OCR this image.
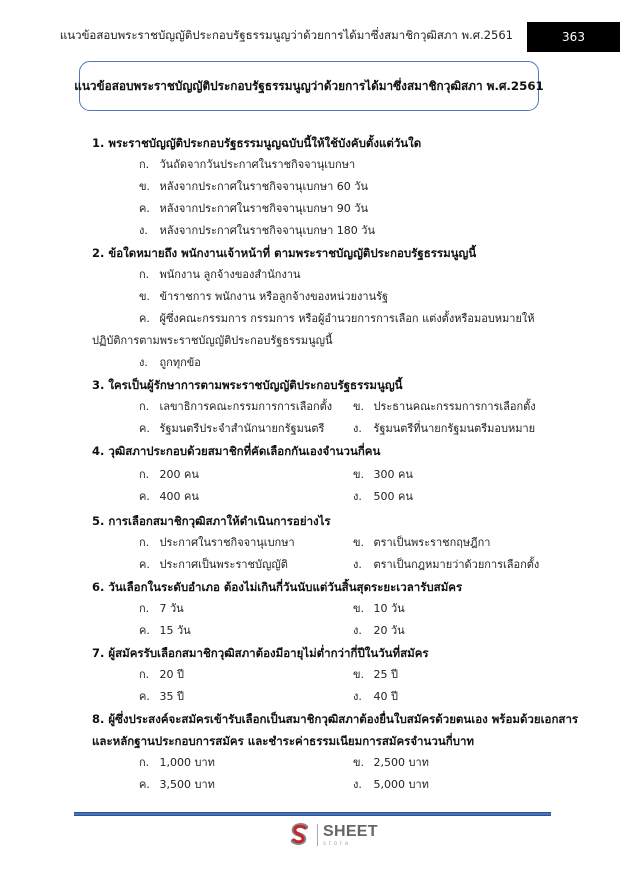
แนวข้อสอบพระราชบัญญัติประกอบรัฐธรรมนูญว่าด้วยการได้มาซึ่งสมาชิกวุฒิสภา พ.ศ.2561	363
แนวข้อสอบพระราชบัญญัติประกอบรัฐธรรมนูญว่าด้วยการได้มาซึ่งสมาชิกวุฒิสภา พ.ศ.2561
1. พระราชบัญญัติประกอบรัฐธรรมนูญฉบับนี้ให้ใช้บังคับตั้งแต่วันใด
ก. วันถัดจากวันประกาศในราชกิจจานุเบกษา
ข. หลังจากประกาศในราชกิจจานุเบกษา 60 วัน
ค. หลังจากประกาศในราชกิจจานุเบกษา 90 วัน
ง. หลังจากประกาศในราชกิจจานุเบกษา 180 วัน
2. ข้อใดหมายถึง พนักงานเจ้าหน้าที่ ตามพระราชบัญญัติประกอบรัฐธรรมนูญนี้
ก. พนักงาน ลูกจ้างของสำนักงาน
ข. ข้าราชการ พนักงาน หรือลูกจ้างของหน่วยงานรัฐ
ค. ผู้ซึ่งคณะกรรมการ กรรมการ หรือผู้อำนวยการการเลือก แต่งตั้งหรือมอบหมายให้
ปฏิบัติการตามพระราชบัญญัติประกอบรัฐธรรมนูญนี้
ง. ถูกทุกข้อ
3. ใครเป็นผู้รักษาการตามพระราชบัญญัติประกอบรัฐธรรมนูญนี้
ก. เลขาธิการคณะกรรมการการเลือกตั้ง	ข. ประธานคณะกรรมการการเลือกตั้ง
ค. รัฐมนตรีประจำสำนักนายกรัฐมนตรี	ง. รัฐมนตรีที่นายกรัฐมนตรีมอบหมาย
4. วุฒิสภาประกอบด้วยสมาชิกที่คัดเลือกกันเองจำนวนกี่คน
ก. 200 คน	ข. 300 คน
ค. 400 คน	ง. 500 คน
5. การเลือกสมาชิกวุฒิสภาให้ดำเนินการอย่างไร
ก. ประกาศในราชกิจจานุเบกษา	ข. ตราเป็นพระราชกฤษฎีกา
ค. ประกาศเป็นพระราชบัญญัติ	ง. ตราเป็นกฎหมายว่าด้วยการเลือกตั้ง
6. วันเลือกในระดับอำเภอ ต้องไม่เกินกี่วันนับแต่วันสิ้นสุดระยะเวลารับสมัคร
ก. 7 วัน	ข. 10 วัน
ค. 15 วัน	ง. 20 วัน
7. ผู้สมัครรับเลือกสมาชิกวุฒิสภาต้องมีอายุไม่ต่ำกว่ากี่ปีในวันที่สมัคร
ก. 20 ปี	ข. 25 ปี
ค. 35 ปี	ง. 40 ปี
8. ผู้ซึ่งประสงค์จะสมัครเข้ารับเลือกเป็นสมาชิกวุฒิสภาต้องยื่นใบสมัครด้วยตนเอง พร้อมด้วยเอกสาร
และหลักฐานประกอบการสมัคร และชำระค่าธรรมเนียมการสมัครจำนวนกี่บาท
ก. 1,000 บาท	ข. 2,500 บาท
ค. 3,500 บาท	ง. 5,000 บาท
SHEET
store
